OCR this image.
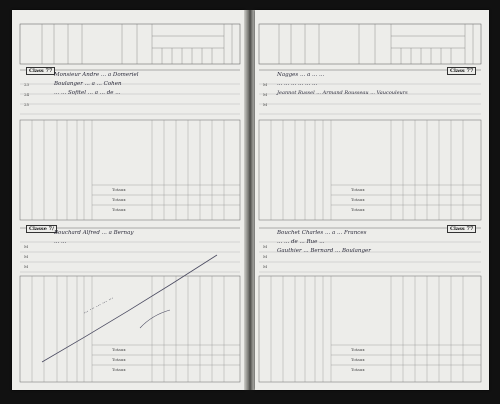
Class 77
Monsieur Andre ... a Domeriel
Boulanger ... a ... Cohen
... ... Sofitel ... a ... de ...
23
24
25
Totaux
Totaux
Totaux
Classe 7/
Bouchard Alfred ... a Bernay
... ...
M
M
M
Totaux
Totaux
Totaux
... ... ... ... ...
Class 77
Nagges ... a ... ...
... ... ... ... ... ...
Jeannot Russel ... Armand Rousseau ... Vaucouleurs
M
M
M
Totaux
Totaux
Totaux
Class 77
Bouchet Charles ... a ... Frances
... ... de ... Rue ...
Gauthier ... Bernard ... Boulanger
M
M
M
Totaux
Totaux
Totaux
